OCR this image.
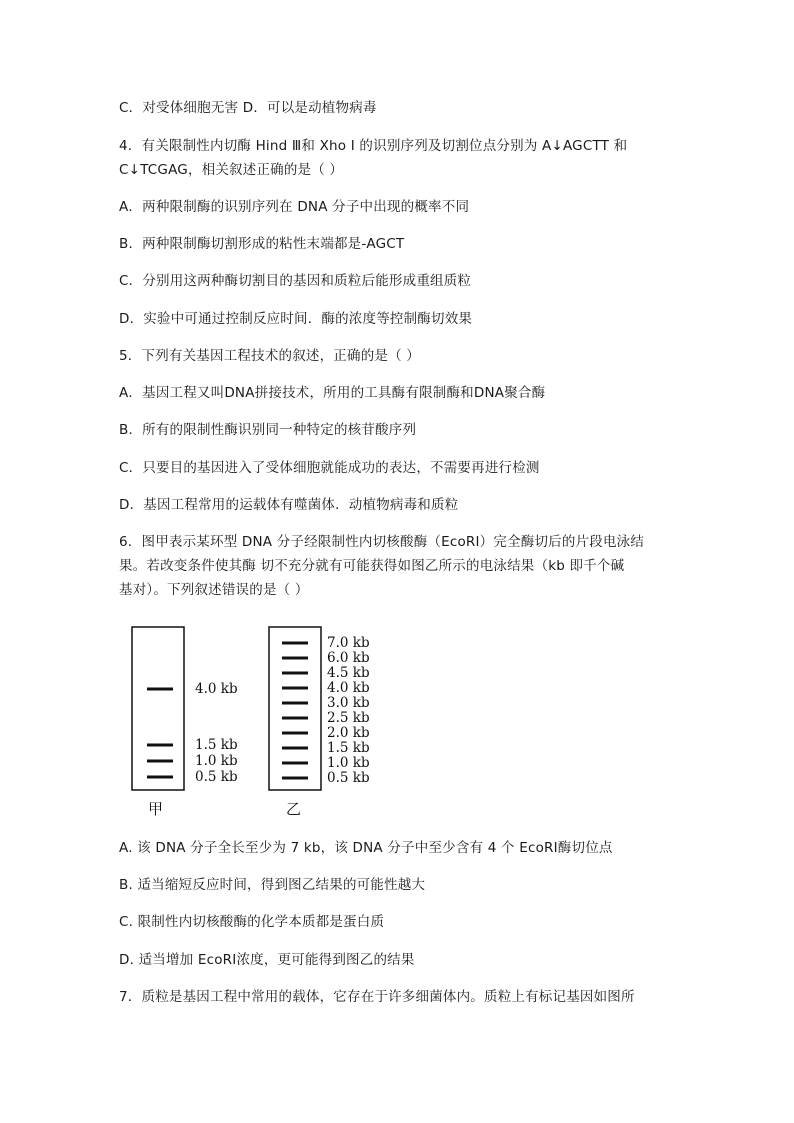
C．对受体细胞无害 D．可以是动植物病毒
4．有关限制性内切酶 Hind Ⅲ和 Xho Ⅰ 的识别序列及切割位点分别为 A↓AGCTT 和
C↓TCGAG，相关叙述正确的是（ ）
A．两种限制酶的识别序列在 DNA 分子中出现的概率不同
B．两种限制酶切割形成的粘性末端都是-AGCT
C．分别用这两种酶切割目的基因和质粒后能形成重组质粒
D．实验中可通过控制反应时间．酶的浓度等控制酶切效果
5．下列有关基因工程技术的叙述，正确的是（ ）
A．基因工程又叫DNA拼接技术，所用的工具酶有限制酶和DNA聚合酶
B．所有的限制性酶识别同一种特定的核苷酸序列
C．只要目的基因进入了受体细胞就能成功的表达，不需要再进行检测
D．基因工程常用的运载体有噬菌体．动植物病毒和质粒
6．图甲表示某环型 DNA 分子经限制性内切核酸酶（EcoRⅠ）完全酶切后的片段电泳结
果。若改变条件使其酶 切不充分就有可能获得如图乙所示的电泳结果（kb 即千个碱
基对）。下列叙述错误的是（ ）
4.0 kb
1.5 kb
1.0 kb
0.5 kb
甲
7.0 kb
6.0 kb
4.5 kb
4.0 kb
3.0 kb
2.5 kb
2.0 kb
1.5 kb
1.0 kb
0.5 kb
乙
A. 该 DNA 分子全长至少为 7 kb，该 DNA 分子中至少含有 4 个 EcoRⅠ酶切位点
B. 适当缩短反应时间，得到图乙结果的可能性越大
C. 限制性内切核酸酶的化学本质都是蛋白质
D. 适当增加 EcoRⅠ浓度，更可能得到图乙的结果
7．质粒是基因工程中常用的载体，它存在于许多细菌体内。质粒上有标记基因如图所
